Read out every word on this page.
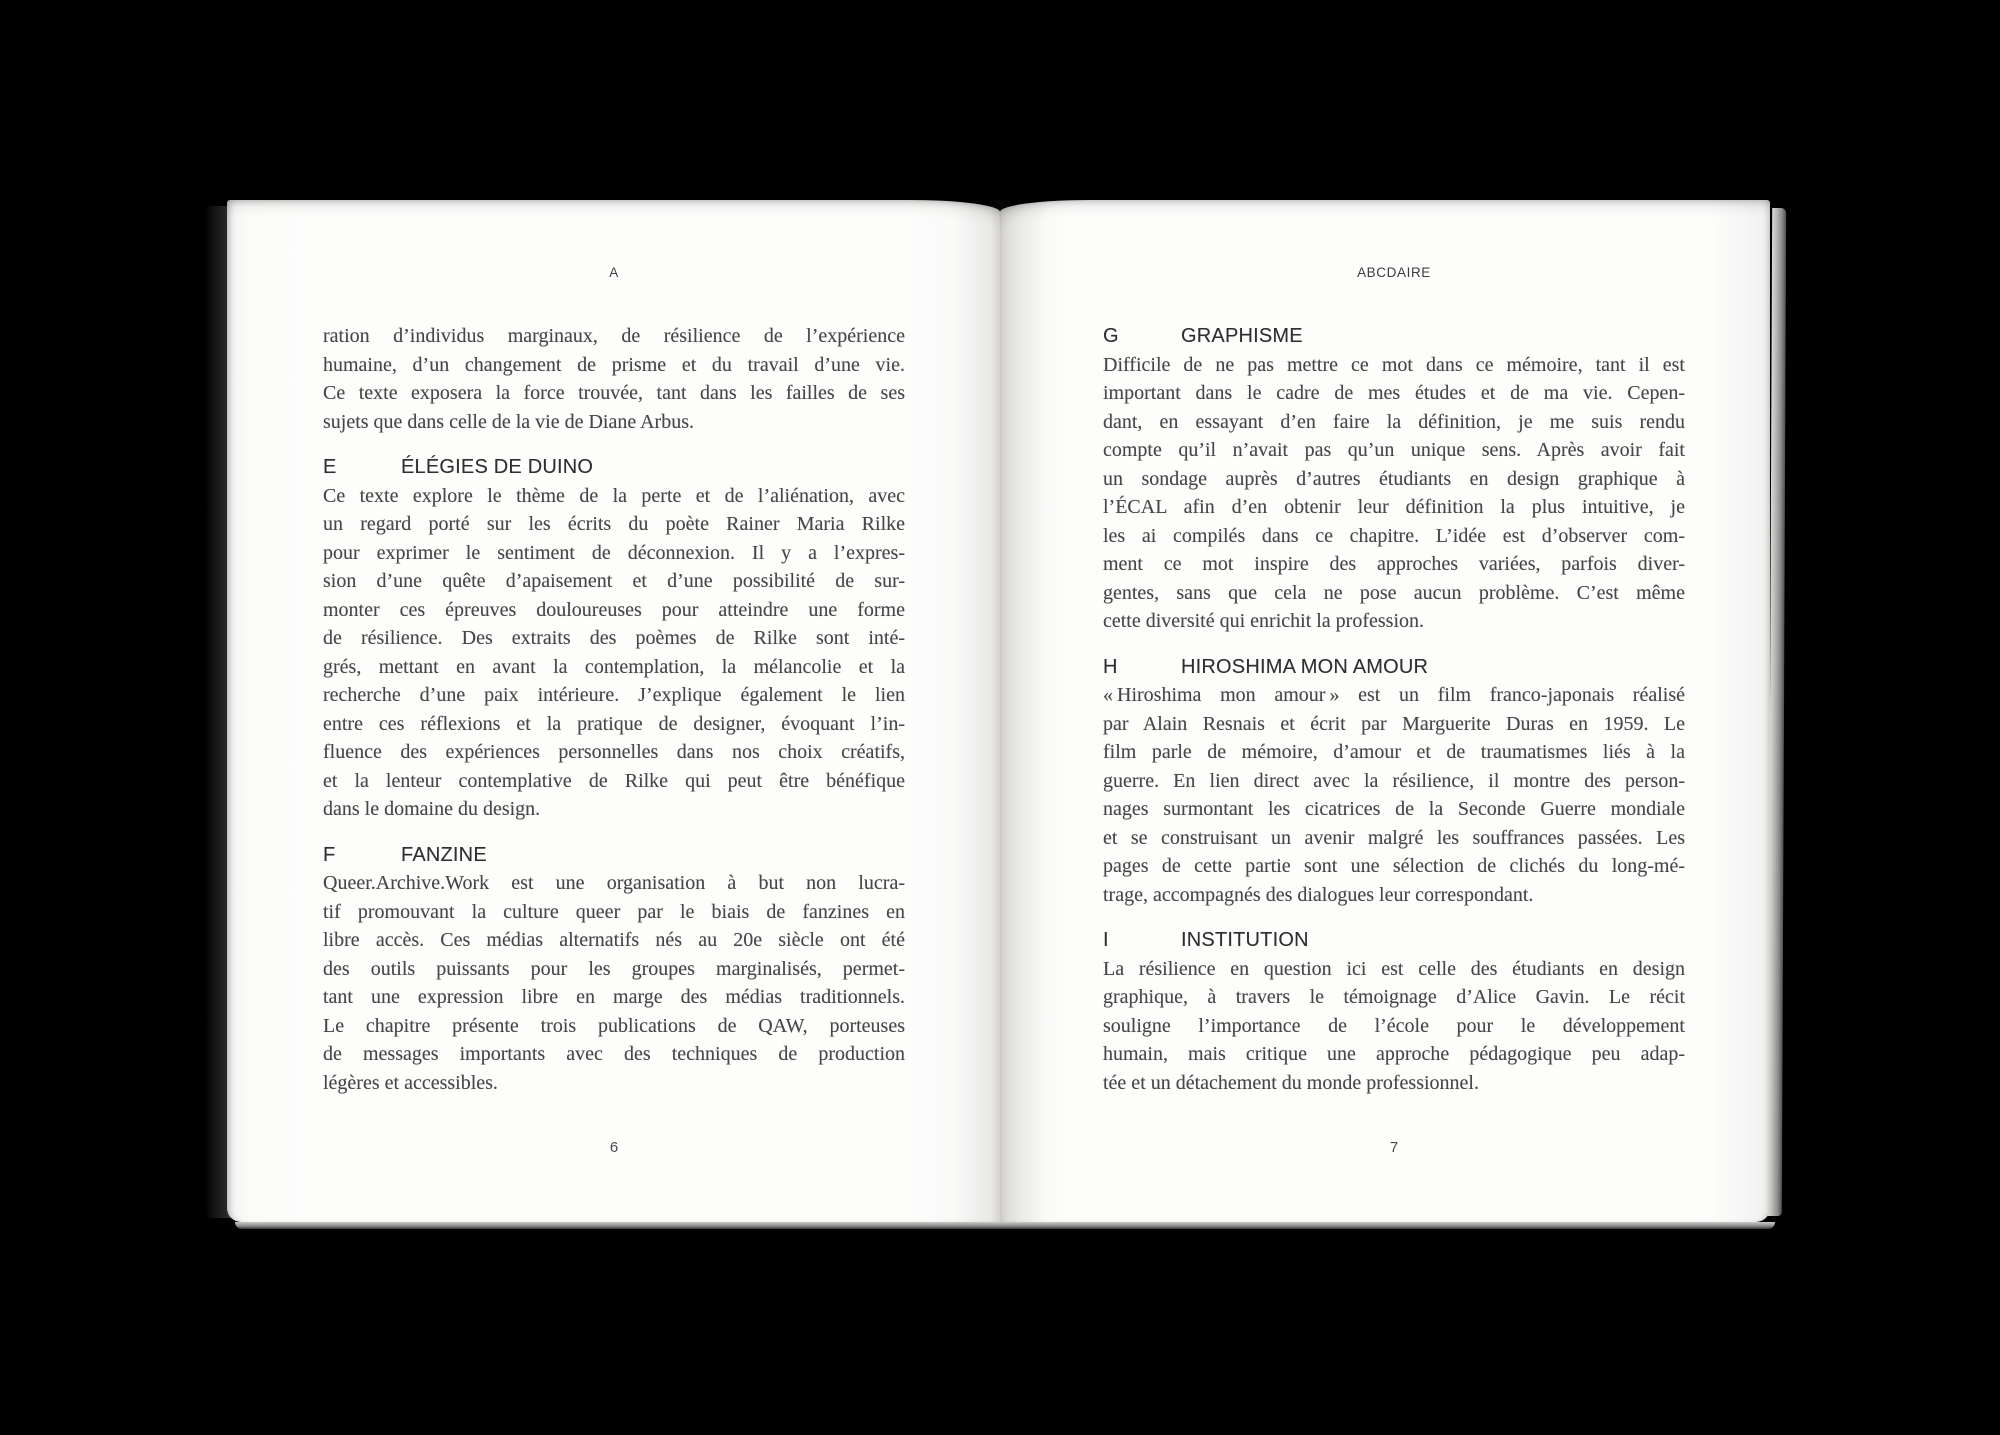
A
ration d’individus marginaux, de résilience de l’expérience
humaine, d’un changement de prisme et du travail d’une vie.
Ce texte exposera la force trouvée, tant dans les failles de ses
sujets que dans celle de la vie de Diane Arbus.
E	ÉLÉGIES DE DUINO
Ce texte explore le thème de la perte et de l’aliénation, avec
un regard porté sur les écrits du poète Rainer Maria Rilke
pour exprimer le sentiment de déconnexion. Il y a l’expres-
sion d’une quête d’apaisement et d’une possibilité de sur-
monter ces épreuves douloureuses pour atteindre une forme
de résilience. Des extraits des poèmes de Rilke sont inté-
grés, mettant en avant la contemplation, la mélancolie et la
recherche d’une paix intérieure. J’explique également le lien
entre ces réflexions et la pratique de designer, évoquant l’in-
fluence des expériences personnelles dans nos choix créatifs,
et la lenteur contemplative de Rilke qui peut être bénéfique
dans le domaine du design.
F	FANZINE
Queer.Archive.Work est une organisation à but non lucra-
tif promouvant la culture queer par le biais de fanzines en
libre accès. Ces médias alternatifs nés au 20e siècle ont été
des outils puissants pour les groupes marginalisés, permet-
tant une expression libre en marge des médias traditionnels.
Le chapitre présente trois publications de QAW, porteuses
de messages importants avec des techniques de production
légères et accessibles.
6
ABCDAIRE
G	GRAPHISME
Difficile de ne pas mettre ce mot dans ce mémoire, tant il est
important dans le cadre de mes études et de ma vie. Cepen-
dant, en essayant d’en faire la définition, je me suis rendu
compte qu’il n’avait pas qu’un unique sens. Après avoir fait
un sondage auprès d’autres étudiants en design graphique à
l’ÉCAL afin d’en obtenir leur définition la plus intuitive, je
les ai compilés dans ce chapitre. L’idée est d’observer com-
ment ce mot inspire des approches variées, parfois diver-
gentes, sans que cela ne pose aucun problème. C’est même
cette diversité qui enrichit la profession.
H	HIROSHIMA MON AMOUR
« Hiroshima mon amour » est un film franco-japonais réalisé
par Alain Resnais et écrit par Marguerite Duras en 1959. Le
film parle de mémoire, d’amour et de traumatismes liés à la
guerre. En lien direct avec la résilience, il montre des person-
nages surmontant les cicatrices de la Seconde Guerre mondiale
et se construisant un avenir malgré les souffrances passées. Les
pages de cette partie sont une sélection de clichés du long-mé-
trage, accompagnés des dialogues leur correspondant.
I	INSTITUTION
La résilience en question ici est celle des étudiants en design
graphique, à travers le témoignage d’Alice Gavin. Le récit
souligne l’importance de l’école pour le développement
humain, mais critique une approche pédagogique peu adap-
tée et un détachement du monde professionnel.
7
